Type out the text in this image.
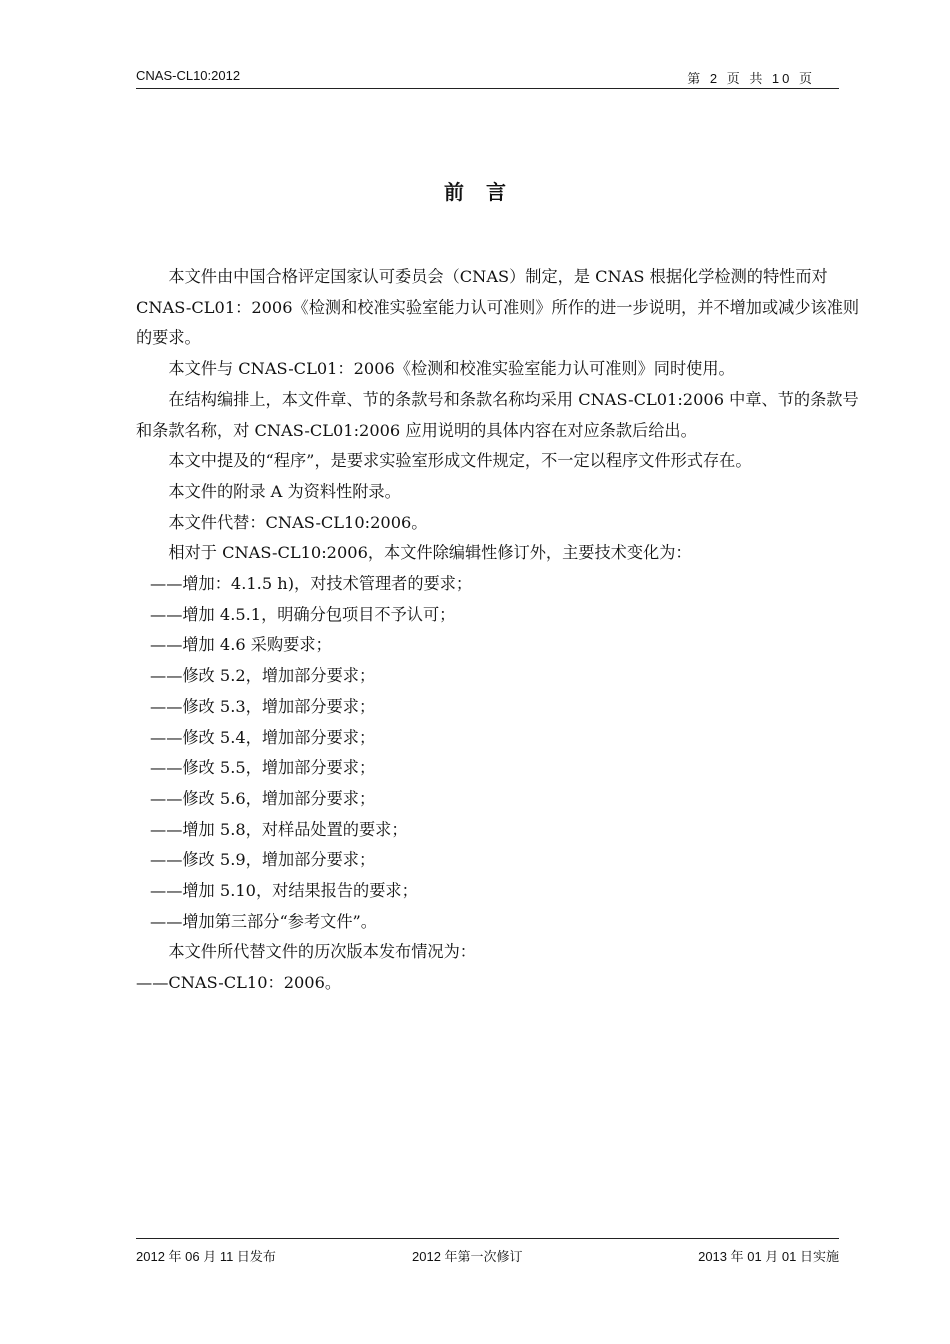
CNAS-CL10:2012	第 2 页 共 10 页
前言

本文件由中国合格评定国家认可委员会（CNAS）制定，是 CNAS 根据化学检测的特性而对 CNAS-CL01：2006《检测和校准实验室能力认可准则》所作的进一步说明，并不增加或减少该准则的要求。

本文件与 CNAS-CL01：2006《检测和校准实验室能力认可准则》同时使用。

在结构编排上，本文件章、节的条款号和条款名称均采用 CNAS-CL01:2006 中章、节的条款号和条款名称，对 CNAS-CL01:2006 应用说明的具体内容在对应条款后给出。

本文中提及的“程序”，是要求实验室形成文件规定，不一定以程序文件形式存在。

本文件的附录 A 为资料性附录。

本文件代替：CNAS-CL10:2006。

相对于 CNAS-CL10:2006，本文件除编辑性修订外，主要技术变化为：

——增加：4.1.5 h)，对技术管理者的要求；

——增加 4.5.1，明确分包项目不予认可；

——增加 4.6 采购要求；

——修改 5.2，增加部分要求；

——修改 5.3，增加部分要求；

——修改 5.4，增加部分要求；

——修改 5.5，增加部分要求；

——修改 5.6，增加部分要求；

——增加 5.8，对样品处置的要求；

——修改 5.9，增加部分要求；

——增加 5.10，对结果报告的要求；

——增加第三部分“参考文件”。

本文件所代替文件的历次版本发布情况为：

——CNAS-CL10：2006。

2012 年 06 月 11 日发布	2012 年第一次修订	2013 年 01 月 01 日实施
